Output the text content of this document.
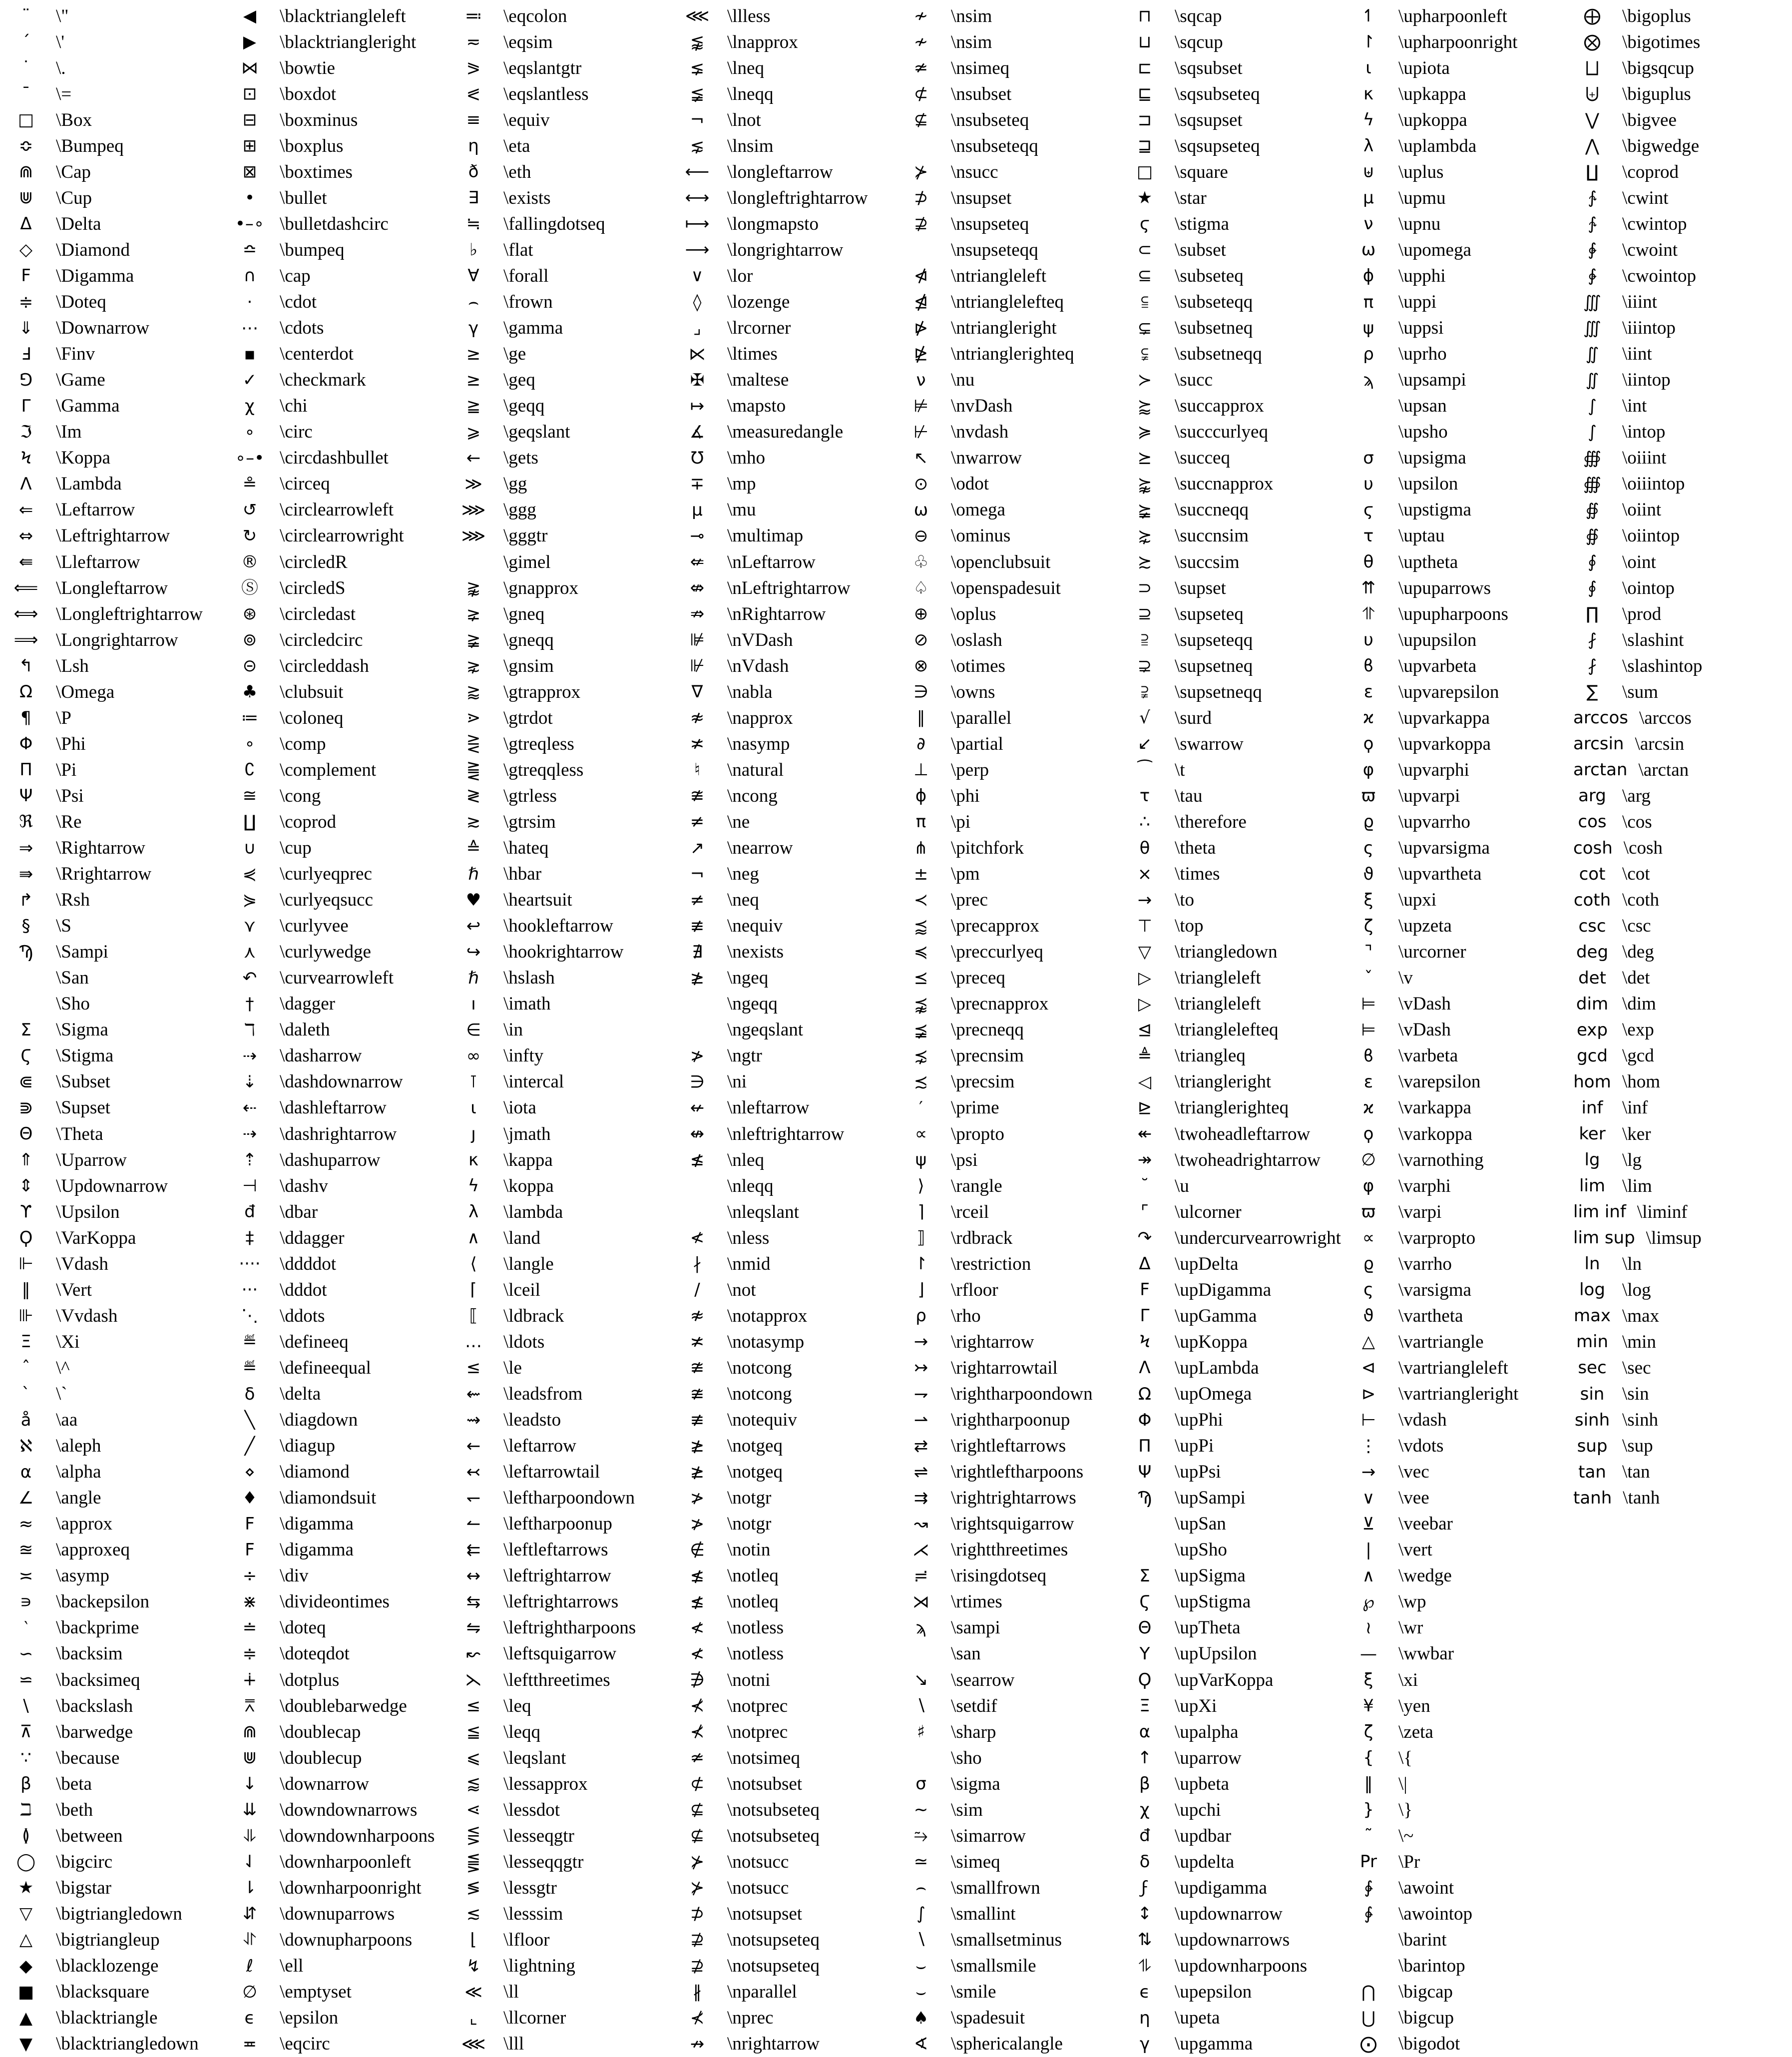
¨	\"
´	\'
˙	\.
¯	\=
□	\Box
≎	\Bumpeq
⋒	\Cap
⋓	\Cup
Δ	\Delta
◇	\Diamond
Ϝ	\Digamma
≑	\Doteq
⇓	\Downarrow
Ⅎ	\Finv
⅁	\Game
Γ	\Gamma
ℑ	\Im
Ϟ	\Koppa
Λ	\Lambda
⇐	\Leftarrow
⇔	\Leftrightarrow
⇚	\Lleftarrow
⟸ \Longleftarrow
⟺ \Longleftrightarrow
⟹ \Longrightarrow
↰	\Lsh
Ω	\Omega
¶	\P
Φ	\Phi
Π	\Pi
Ψ	\Psi
ℜ	\Re
⇒	\Rightarrow
⇛	\Rrightarrow
↱	\Rsh
§	\S
Ϡ	\Sampi
\San
\Sho
Σ	\Sigma
Ϛ	\Stigma
⋐	\Subset
⋑	\Supset
Θ	\Theta
⇑	\Uparrow
⇕	\Updownarrow
ϒ	\Upsilon
Ϙ	\VarKoppa
⊩	\Vdash
‖	\Vert
⊪	\Vvdash
Ξ	\Xi
ˆ	\^
`	\`
å	\aa
ℵ	\aleph
α	\alpha
∠	\angle
≈	\approx
≊	\approxeq
≍	\asymp
∍	\backepsilon
‵	\backprime
∽	\backsim
⋍	\backsimeq
\	\backslash
⊼	\barwedge
∵	\because
β	\beta
ℶ	\beth
≬	\between
◯	\bigcirc
★	\bigstar
▽	\bigtriangledown
△	\bigtriangleup
◆	\blacklozenge
■	\blacksquare
▲	\blacktriangle
▼	\blacktriangledown
◀	\blacktriangleleft
▶	\blacktriangleright
⋈	\bowtie
⊡	\boxdot
⊟	\boxminus
⊞	\boxplus
⊠	\boxtimes
•	\bullet
•–∘ \bulletdashcirc
≏	\bumpeq
∩	\cap
⋅	\cdot
⋯	\cdots
▪	\centerdot
✓	\checkmark
χ	\chi
∘	\circ
∘–• \circdashbullet
≗	\circeq
↺	\circlearrowleft
↻	\circlearrowright
®	\circledR
Ⓢ	\circledS
⊛	\circledast
⊚	\circledcirc
⊝	\circleddash
♣	\clubsuit
≔	\coloneq
∘	\comp
∁	\complement
≅	\cong
∐	\coprod
∪	\cup
⋞	\curlyeqprec
⋟	\curlyeqsucc
⋎	\curlyvee
⋏	\curlywedge
↶	\curvearrowleft
†	\dagger
ℸ	\daleth
⇢	\dasharrow
⇣	\dashdownarrow
⇠	\dashleftarrow
⇢	\dashrightarrow
⇡	\dashuparrow
⊣	\dashv
đ	\dbar
‡	\ddagger
····	\ddddot
···	\dddot
⋱	\ddots
≝	\defineeq
≝	\defineequal
δ	\delta
╲	\diagdown
╱	\diagup
⋄	\diamond
♦	\diamondsuit
Ϝ	\digamma
Ϝ	\digamma
÷	\div
⋇	\divideontimes
≐	\doteq
≑	\doteqdot
∔	\dotplus
⩞	\doublebarwedge
⋒	\doublecap
⋓	\doublecup
↓	\downarrow
⇊	\downdownarrows
⥥	\downdownharpoons
⇃	\downharpoonleft
⇂	\downharpoonright
⇵	\downuparrows
⥯	\downupharpoons
ℓ	\ell
∅	\emptyset
ϵ	\epsilon
≖	\eqcirc
≕	\eqcolon
≂	\eqsim
⪖	\eqslantgtr
⪕	\eqslantless
≡	\equiv
η	\eta
ð	\eth
∃	\exists
≒	\fallingdotseq
♭	\flat
∀	\forall
⌢	\frown
γ	\gamma
≥	\ge
≥	\geq
≧	\geqq
⩾	\geqslant
←	\gets
≫	\gg
⋙ \ggg
⋙ \gggtr
\gimel
⪊	\gnapprox
⪈	\gneq
≩	\gneqq
⋧	\gnsim
⪆	\gtrapprox
⋗	\gtrdot
⋛	\gtreqless
⪌	\gtreqqless
≷	\gtrless
≳	\gtrsim
≙	\hateq
ℏ	\hbar
♥	\heartsuit
↩	\hookleftarrow
↪	\hookrightarrow
ℏ	\hslash
ı	\imath
∈	\in
∞	\infty
⊺	\intercal
ι	\iota
ȷ	\jmath
κ	\kappa
ϟ	\koppa
λ	\lambda
∧	\land
⟨	\langle
⌈	\lceil
⟦	\ldbrack
…	\ldots
≤	\le
⇜	\leadsfrom
⇝	\leadsto
←	\leftarrow
↢	\leftarrowtail
↽	\leftharpoondown
↼	\leftharpoonup
⇇	\leftleftarrows
↔	\leftrightarrow
⇆	\leftrightarrows
⇋	\leftrightharpoons
↜	\leftsquigarrow
⋋	\leftthreetimes
≤	\leq
≦	\leqq
⩽	\leqslant
⪅	\lessapprox
⋖	\lessdot
⋚	\lesseqgtr
⪋	\lesseqqgtr
≶	\lessgtr
≲	\lesssim
⌊	\lfloor
↯	\lightning
≪	\ll
⌞	\llcorner
⋘ \lll
⋘ \llless
⪉	\lnapprox
⪇	\lneq
≨	\lneqq
¬	\lnot
⋦	\lnsim
⟵ \longleftarrow
⟷ \longleftrightarrow
⟼ \longmapsto
⟶ \longrightarrow
∨	\lor
◊	\lozenge
⌟	\lrcorner
⋉	\ltimes
✠	\maltese
↦	\mapsto
∡	\measuredangle
℧	\mho
∓	\mp
μ	\mu
⊸	\multimap
⇍	\nLeftarrow
⇎	\nLeftrightarrow
⇏	\nRightarrow
⊯	\nVDash
⊮	\nVdash
∇	\nabla
≉	\napprox
≭	\nasymp
♮	\natural
≇	\ncong
≠	\ne
↗	\nearrow
¬	\neg
≠	\neq
≢	\nequiv
∄	\nexists
≱	\ngeq
\ngeqq
\ngeqslant
≯	\ngtr
∋	\ni
↚	\nleftarrow
↮	\nleftrightarrow
≰	\nleq
\nleqq
\nleqslant
≮	\nless
∤	\nmid
/	\not
≉	\notapprox
≭	\notasymp
≇	\notcong
≇	\notcong
≢	\notequiv
≱	\notgeq
≱	\notgeq
≯	\notgr
≯	\notgr
∉	\notin
≰	\notleq
≰	\notleq
≮	\notless
≮	\notless
∌	\notni
⊀	\notprec
⊀	\notprec
≄	\notsimeq
⊄	\notsubset
⊈	\notsubseteq
⊈	\notsubseteq
⊁	\notsucc
⊁	\notsucc
⊅	\notsupset
⊉	\notsupseteq
⊉	\notsupseteq
∦	\nparallel
⊀	\nprec
↛	\nrightarrow
≁	\nsim
≁	\nsim
≄	\nsimeq
⊄	\nsubset
⊈	\nsubseteq
\nsubseteqq
⊁	\nsucc
⊅	\nsupset
⊉	\nsupseteq
\nsupseteqq
⋪	\ntriangleleft
⋬	\ntrianglelefteq
⋫	\ntriangleright
⋭	\ntrianglerighteq
ν	\nu
⊭	\nvDash
⊬	\nvdash
↖	\nwarrow
⊙	\odot
ω	\omega
⊖	\ominus
♧	\openclubsuit
♤	\openspadesuit
⊕	\oplus
⊘	\oslash
⊗	\otimes
∋	\owns
∥	\parallel
∂	\partial
⊥	\perp
ϕ	\phi
π	\pi
⋔	\pitchfork
±	\pm
≺	\prec
⪷	\precapprox
≼	\preccurlyeq
⪯	\preceq
⪹	\precnapprox
⪵	\precneqq
⋨	\precnsim
≾	\precsim
′	\prime
∝	\propto
ψ	\psi
⟩	\rangle
⌉	\rceil
⟧	\rdbrack
↾	\restriction
⌋	\rfloor
ρ	\rho
→	\rightarrow
↣	\rightarrowtail
⇁	\rightharpoondown
⇀	\rightharpoonup
⇄	\rightleftarrows
⇌	\rightleftharpoons
⇉	\rightrightarrows
↝	\rightsquigarrow
⋌	\rightthreetimes
≓	\risingdotseq
⋊	\rtimes
ϡ	\sampi
\san
↘	\searrow
∖	\setdif
♯	\sharp
\sho
σ	\sigma
∼	\sim
⥲	\simarrow
≃	\simeq
⌢	\smallfrown
∫	\smallint
∖	\smallsetminus
⌣	\smallsmile
⌣	\smile
♠	\spadesuit
∢	\sphericalangle
⊓	\sqcap
⊔	\sqcup
⊏	\sqsubset
⊑	\sqsubseteq
⊐	\sqsupset
⊒	\sqsupseteq
□	\square
★	\star
ϛ	\stigma
⊂	\subset
⊆	\subseteq
⫅	\subseteqq
⊊	\subsetneq
⫋	\subsetneqq
≻	\succ
⪸	\succapprox
≽	\succcurlyeq
⪰	\succeq
⪺	\succnapprox
⪶	\succneqq
⋩	\succnsim
≿	\succsim
⊃	\supset
⊇	\supseteq
⫆	\supseteqq
⊋	\supsetneq
⫌	\supsetneqq
√	\surd
↙	\swarrow
⁀	\t
τ	\tau
∴	\therefore
θ	\theta
×	\times
→	\to
⊤	\top
▽	\triangledown
▷	\triangleleft
▷	\triangleleft
⊴	\trianglelefteq
≜	\triangleq
◁	\triangleright
⊵	\trianglerighteq
↞	\twoheadleftarrow
↠	\twoheadrightarrow
˘	\u
⌜	\ulcorner
↷	\undercurvearrowright
Δ	\upDelta
Ϝ	\upDigamma
Γ	\upGamma
Ϟ	\upKoppa
Λ	\upLambda
Ω	\upOmega
Φ	\upPhi
Π	\upPi
Ψ	\upPsi
Ϡ	\upSampi
\upSan
\upSho
Σ	\upSigma
Ϛ	\upStigma
Θ	\upTheta
Υ	\upUpsilon
Ϙ	\upVarKoppa
Ξ	\upXi
α	\upalpha
↑	\uparrow
β	\upbeta
χ	\upchi
đ	\updbar
δ	\updelta
ϝ	\updigamma
↕	\updownarrow
⇅	\updownarrows
⥮	\updownharpoons
ϵ	\upepsilon
η	\upeta
γ	\upgamma
↿	\upharpoonleft
↾	\upharpoonright
ι	\upiota
κ	\upkappa
ϟ	\upkoppa
λ	\uplambda
⊎	\uplus
μ	\upmu
ν	\upnu
ω	\upomega
ϕ	\upphi
π	\uppi
ψ	\uppsi
ρ	\uprho
ϡ	\upsampi
\upsan
\upsho
σ	\upsigma
υ	\upsilon
ϛ	\upstigma
τ	\uptau
θ	\uptheta
⇈	\upuparrows
⥣	\upupharpoons
υ	\upupsilon
ϐ	\upvarbeta
ε	\upvarepsilon
ϰ	\upvarkappa
ϙ	\upvarkoppa
φ	\upvarphi
ϖ	\upvarpi
ϱ	\upvarrho
ς	\upvarsigma
ϑ	\upvartheta
ξ	\upxi
ζ	\upzeta
⌝	\urcorner
ˇ	\v
⊨	\vDash
⊨	\vDash
ϐ	\varbeta
ε	\varepsilon
ϰ	\varkappa
ϙ	\varkoppa
∅	\varnothing
φ	\varphi
ϖ	\varpi
∝	\varpropto
ϱ	\varrho
ς	\varsigma
ϑ	\vartheta
△	\vartriangle
⊲	\vartriangleleft
⊳	\vartriangleright
⊢	\vdash
⋮	\vdots
→	\vec
∨	\vee
⊻	\veebar
|	\vert
∧	\wedge
℘	\wp
≀	\wr
—	\wwbar
ξ	\xi
¥	\yen
ζ	\zeta
{	\{
‖	\|
}	\}
˜	\~
Pr	\Pr
∳	\awoint
∳	\awointop
\barint
\barintop
⋂	\bigcap
⋃	\bigcup
⨀	\bigodot
⨁	\bigoplus
⨂	\bigotimes
⨆	\bigsqcup
⨄	\biguplus
⋁	\bigvee
⋀	\bigwedge
∐	\coprod
∱	\cwint
∱	\cwintop
∲	\cwoint
∲	\cwointop
∭	\iiint
∭	\iiintop
∬	\iint
∬	\iintop
∫	\int
∫	\intop
∰	\oiiint
∰	\oiiintop
∯	\oiint
∯	\oiintop
∮	\oint
∮	\ointop
∏	\prod
⨏	\slashint
⨏	\slashintop
∑	\sum
arccos \arccos
arcsin \arcsin
arctan \arctan
arg \arg
cos \cos
cosh \cosh
cot \cot
coth \coth
csc \csc
deg \deg
det \det
dim \dim
exp \exp
gcd \gcd
hom \hom
inf	\inf
ker \ker
lg	\lg
lim \lim
lim inf \liminf
lim sup \limsup
ln	\ln
log \log
max \max
min \min
sec \sec
sin \sin
sinh \sinh
sup \sup
tan \tan
tanh \tanh
